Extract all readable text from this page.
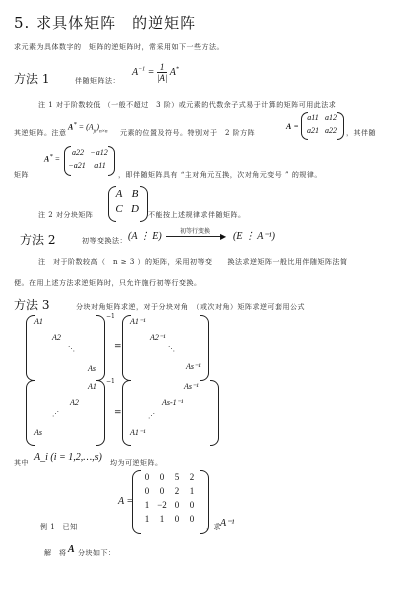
5. 求具体矩阵　的逆矩阵
求元素为具体数字的　矩阵的逆矩阵时，常采用如下一些方法。
方法 1	伴随矩阵法：
$A^{-1} = \frac{1}{|A|} A^*$
注 1 对于阶数较低 （一般不超过　3 阶）或元素的代数余子式易于计算的矩阵可用此法求
其逆矩阵。注意
$A^* = (A_{ji})_{n\times n}$ 元素的位置及符号。特别对于　2 阶方阵
A =
a11 a12
a21 a22 ，其伴随
A* =
矩阵
a22 −a12
−a21 a11
，即伴随矩阵具有 “主对角元互换，次对角元变号 ” 的规律。
注 2 对分块矩阵
A B
C D 不能按上述规律求伴随矩阵。
方法 2	初等变换法： (A ⋮ E)	初等行变换
▶ (E ⋮ A⁻¹)
注　对于阶数较高（　n ≥ 3 ）的矩阵，采用初等变　　换法求逆矩阵一般比用伴随矩阵法简
便。在用上述方法求逆矩阵时，只允许施行初等行变换。
方法 3	分块对角矩阵求逆，对于分块对角　（或次对角）矩阵求逆可套用公式
A1
A2
⋱
As
−1
=
A1⁻¹
A2⁻¹
⋱
As⁻¹
A1
A2
⋰
As
−1
=
As⁻¹
As-1⁻¹
⋰
A1⁻¹
其中 A_i (i = 1,2,…,s) 均为可逆矩阵。
例 1　已知
A =
0	0	5	2
0	0	2	1
1 −2 0	0
1	1	0	0
，求 A⁻¹
解　将 A 分块如下：
